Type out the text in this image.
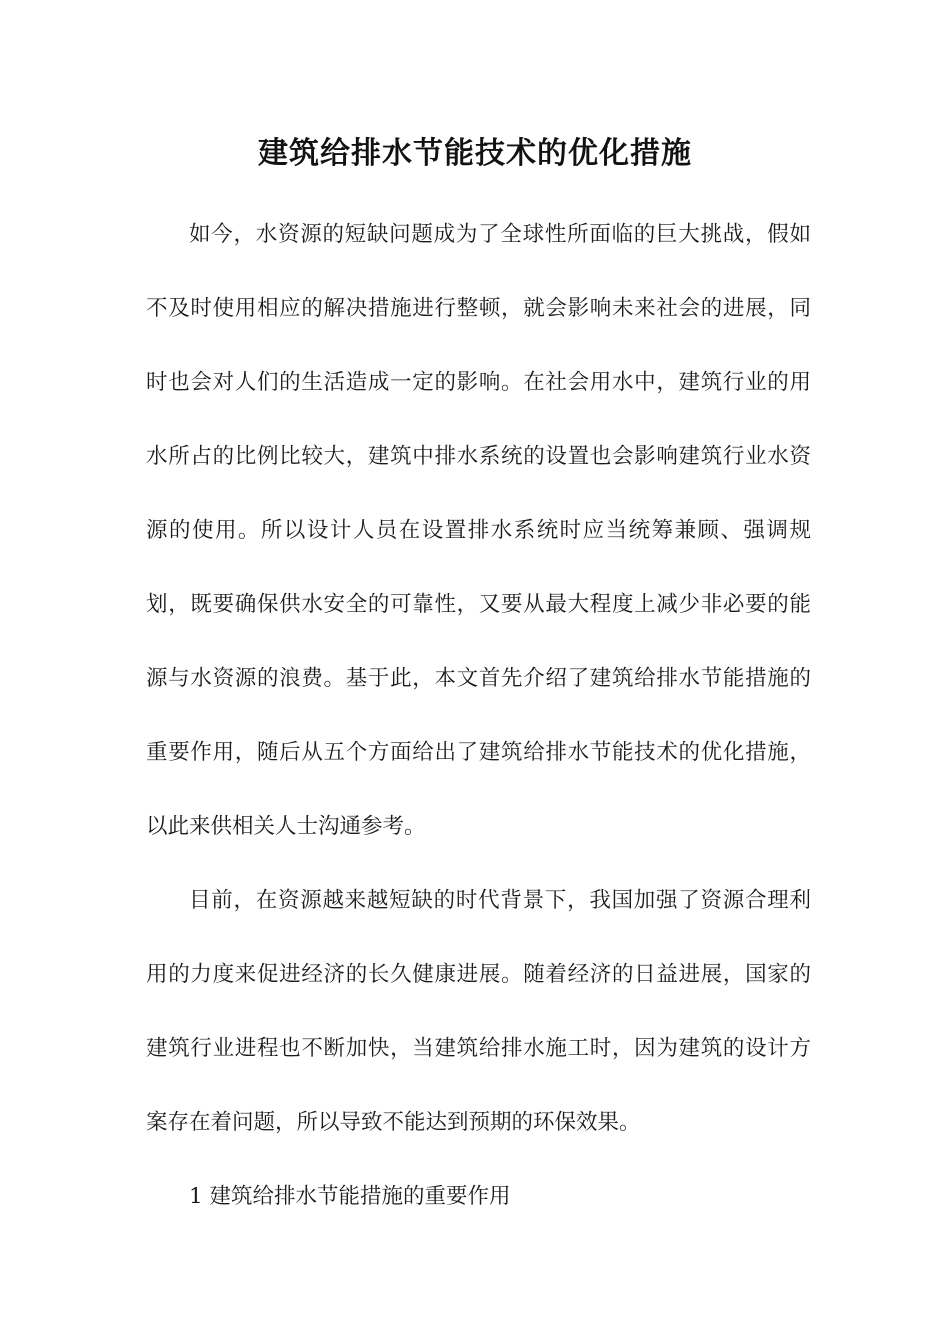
建筑给排水节能技术的优化措施

如今，水资源的短缺问题成为了全球性所面临的巨大挑战，假如不及时使用相应的解决措施进行整顿，就会影响未来社会的进展，同时也会对人们的生活造成一定的影响。在社会用水中，建筑行业的用水所占的比例比较大，建筑中排水系统的设置也会影响建筑行业水资源的使用。所以设计人员在设置排水系统时应当统筹兼顾、强调规划，既要确保供水安全的可靠性，又要从最大程度上减少非必要的能源与水资源的浪费。基于此，本文首先介绍了建筑给排水节能措施的重要作用，随后从五个方面给出了建筑给排水节能技术的优化措施，以此来供相关人士沟通参考。

目前，在资源越来越短缺的时代背景下，我国加强了资源合理利用的力度来促进经济的长久健康进展。随着经济的日益进展，国家的建筑行业进程也不断加快，当建筑给排水施工时，因为建筑的设计方案存在着问题，所以导致不能达到预期的环保效果。

1 建筑给排水节能措施的重要作用
